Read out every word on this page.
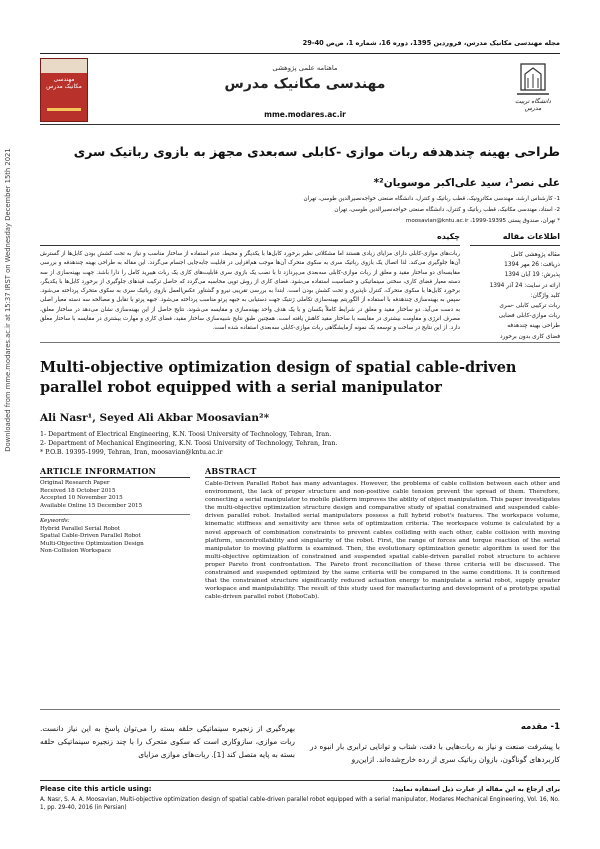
Downloaded from mme.modares.ac.ir at 15:37 IRST on Wednesday December 15th 2021
مجله مهندسی مکانیک مدرس، فروردین 1395، دوره 16، شماره 1، ص‌ص 40-29
مهندسی مکانیک مدرس
ماهنامه علمی پژوهشی
مهندسی مکانیک مدرس
mme.modares.ac.ir
دانشگاه تربیت مدرس
طراحی بهینه چندهدفه ربات موازی -کابلی سه‌بعدی مجهز به بازوی رباتیک سری
علی نصر¹، سید علی‌اکبر موسویان²*
1- کارشناس ارشد، مهندسی مکاترونیک، قطب رباتیک و کنترل، دانشگاه صنعتی خواجه‌نصیرالدین طوسی، تهران
2- استاد، مهندسی مکانیک، قطب رباتیک و کنترل، دانشگاه صنعتی خواجه‌نصیرالدین طوسی، تهران
* تهران، صندوق پستی 19395-1999، moosavian@kntu.ac.ir
اطلاعات مقاله
مقاله پژوهشی کامل
دریافت: 26 مهر 1394
پذیرش: 19 آبان 1394
ارائه در سایت: 24 آذر 1394
کلید واژگان:
ربات ترکیبی کابلی -سری
ربات موازی-کابلی فضایی
طراحی بهینه چندهدفه
فضای کاری بدون برخورد
چکیده
ربات‌های موازی-کابلی دارای مزایای زیادی هستند اما مشکلاتی نظیر برخورد کابل‌ها با یکدیگر و محیط، عدم استفاده از ساختار مناسب و نیاز به تحت کشش بودن کابل‌ها از گسترش آن‌ها جلوگیری می‌کند. لذا اتصال یک بازوی رباتیک سری به سکوی متحرک آن‌ها موجب هم‌افزایی در قابلیت جابه‌جایی اجسام می‌گردد. این مقاله به طراحی بهینه چندهدفه و بررسی مقایسه‌ای دو ساختار مقید و معلق از ربات موازی-کابلی سه‌بعدی می‌پردازد تا با نصب یک بازوی سری قابلیت‌های کاری یک ربات هیبرید کامل را دارا باشد. جهت بهینه‌سازی از سه دسته معیار فضای کاری، سختی سینماتیکی و حساسیت استفاده می‌شود. فضای کاری از روش توپی محاسبه می‌گردد که حاصل ترکیب قیدهای جلوگیری از برخورد کابل‌ها با یکدیگر، برخورد کابل‌ها با سکوی متحرک، کنترل ناپذیری و تحت کشش بودن است. ابتدا به بررسی تقریبی نیرو و گشتاور عکس‌العمل بازوی رباتیک سری به سکوی متحرک پرداخته می‌شود. سپس به بهینه‌سازی چندهدفه با استفاده از الگوریتم بهینه‌سازی تکاملی ژنتیک جهت دستیابی به جبهه پرتو مناسب پرداخته می‌شود. جبهه پرتو با تقابل و مصالحه سه دسته معیار اصلی به دست می‌آید. دو ساختار مقید و معلق در شرایط کاملاً یکسان و با یک هدف واحد بهینه‌سازی و مقایسه می‌شوند. نتایج حاصل از این بهینه‌سازی نشان می‌دهد در ساختار معلق، مصرف انرژی و مقاومت بیشتری در مقایسه با ساختار مقید کاهش یافته است. همچنین طبق نتایج شبیه‌سازی ساختار مقید، فضای کاری و مهارت بیشتری در مقایسه با ساختار معلق دارد. از این نتایج در ساخت و توسعه یک نمونه آزمایشگاهی ربات موازی-کابلی سه‌بعدی استفاده شده است.
Multi-objective optimization design of spatial cable-driven parallel robot equipped with a serial manipulator
Ali Nasr¹, Seyed Ali Akbar Moosavian²*
1- Department of Electrical Engineering, K.N. Toosi University of Technology, Tehran, Iran.
2- Department of Mechanical Engineering, K.N. Toosi University of Technology, Tehran, Iran.
* P.O.B. 19395-1999, Tehran, Iran, moosavian@kntu.ac.ir
ARTICLE INFORMATION
Original Research Paper
Received 18 October 2015
Accepted 10 November 2015
Available Online 15 December 2015
Keywords:
Hybrid Parallel Serial Robot
Spatial Cable-Driven Parallel Robot
Multi-Objective Optimization Design
Non-Collision Workspace
ABSTRACT
Cable-Driven Parallel Robot has many advantages. However, the problems of cable collision between each other and environment, the lack of proper structure and non-positive cable tension prevent the spread of them. Therefore, connecting a serial manipulator to mobile platform improves the ability of object manipulation. This paper investigates the multi-objective optimization structure design and comparative study of spatial constrained and suspended cable-driven parallel robot. Installed serial manipulators possess a full hybrid robot's features. The workspace volume, kinematic stiffness and sensitivity are three sets of optimization criteria. The workspace volume is calculated by a novel approach of combination constraints to prevent cables colliding with each other, cable collision with moving platform, uncontrollability and singularity of the robot. First, the range of forces and torque reaction of the serial manipulator to moving platform is examined. Then, the evolutionary optimization genetic algorithm is used for the multi-objective optimization of constrained and suspended spatial cable-driven parallel robot structure to achieve proper Pareto front confrontation. The Pareto front reconciliation of these three criteria will be discussed. The constrained and suspended optimized by the same criteria will be compared in the same conditions. It is confirmed that the constrained structure significantly reduced actuation energy to manipulate a serial robot, supply greater workspace and manipulability. The result of this study used for manufacturing and development of a prototype spatial cable-driven parallel robot (RoboCab).
1- مقدمه
با پیشرفت صنعت و نیاز به ربات‌هایی با دقت، شتاب و توانایی ترابری بار انبوه در کاربردهای گوناگون، بازوان رباتیک سری از رده خارج‌شده‌اند. ازاین‌رو
بهره‌گیری از زنجیره سینماتیکی حلقه بسته را می‌توان پاسخ به این نیاز دانست. ربات موازی، سازوکاری است که سکوی متحرک را با چند زنجیره سینماتیکی حلقه بسته به پایه متصل کند [1]. ربات‌های موازی مزایای
Please cite this article using:	برای ارجاع به این مقاله از عبارت ذیل استفاده نمایید:
A. Nasr, S. A. A. Moosavian, Multi-objective optimization design of spatial cable-driven parallel robot equipped with a serial manipulator, Modares Mechanical Engineering, Vol. 16, No. 1, pp. 29-40, 2016 (in Persian)
